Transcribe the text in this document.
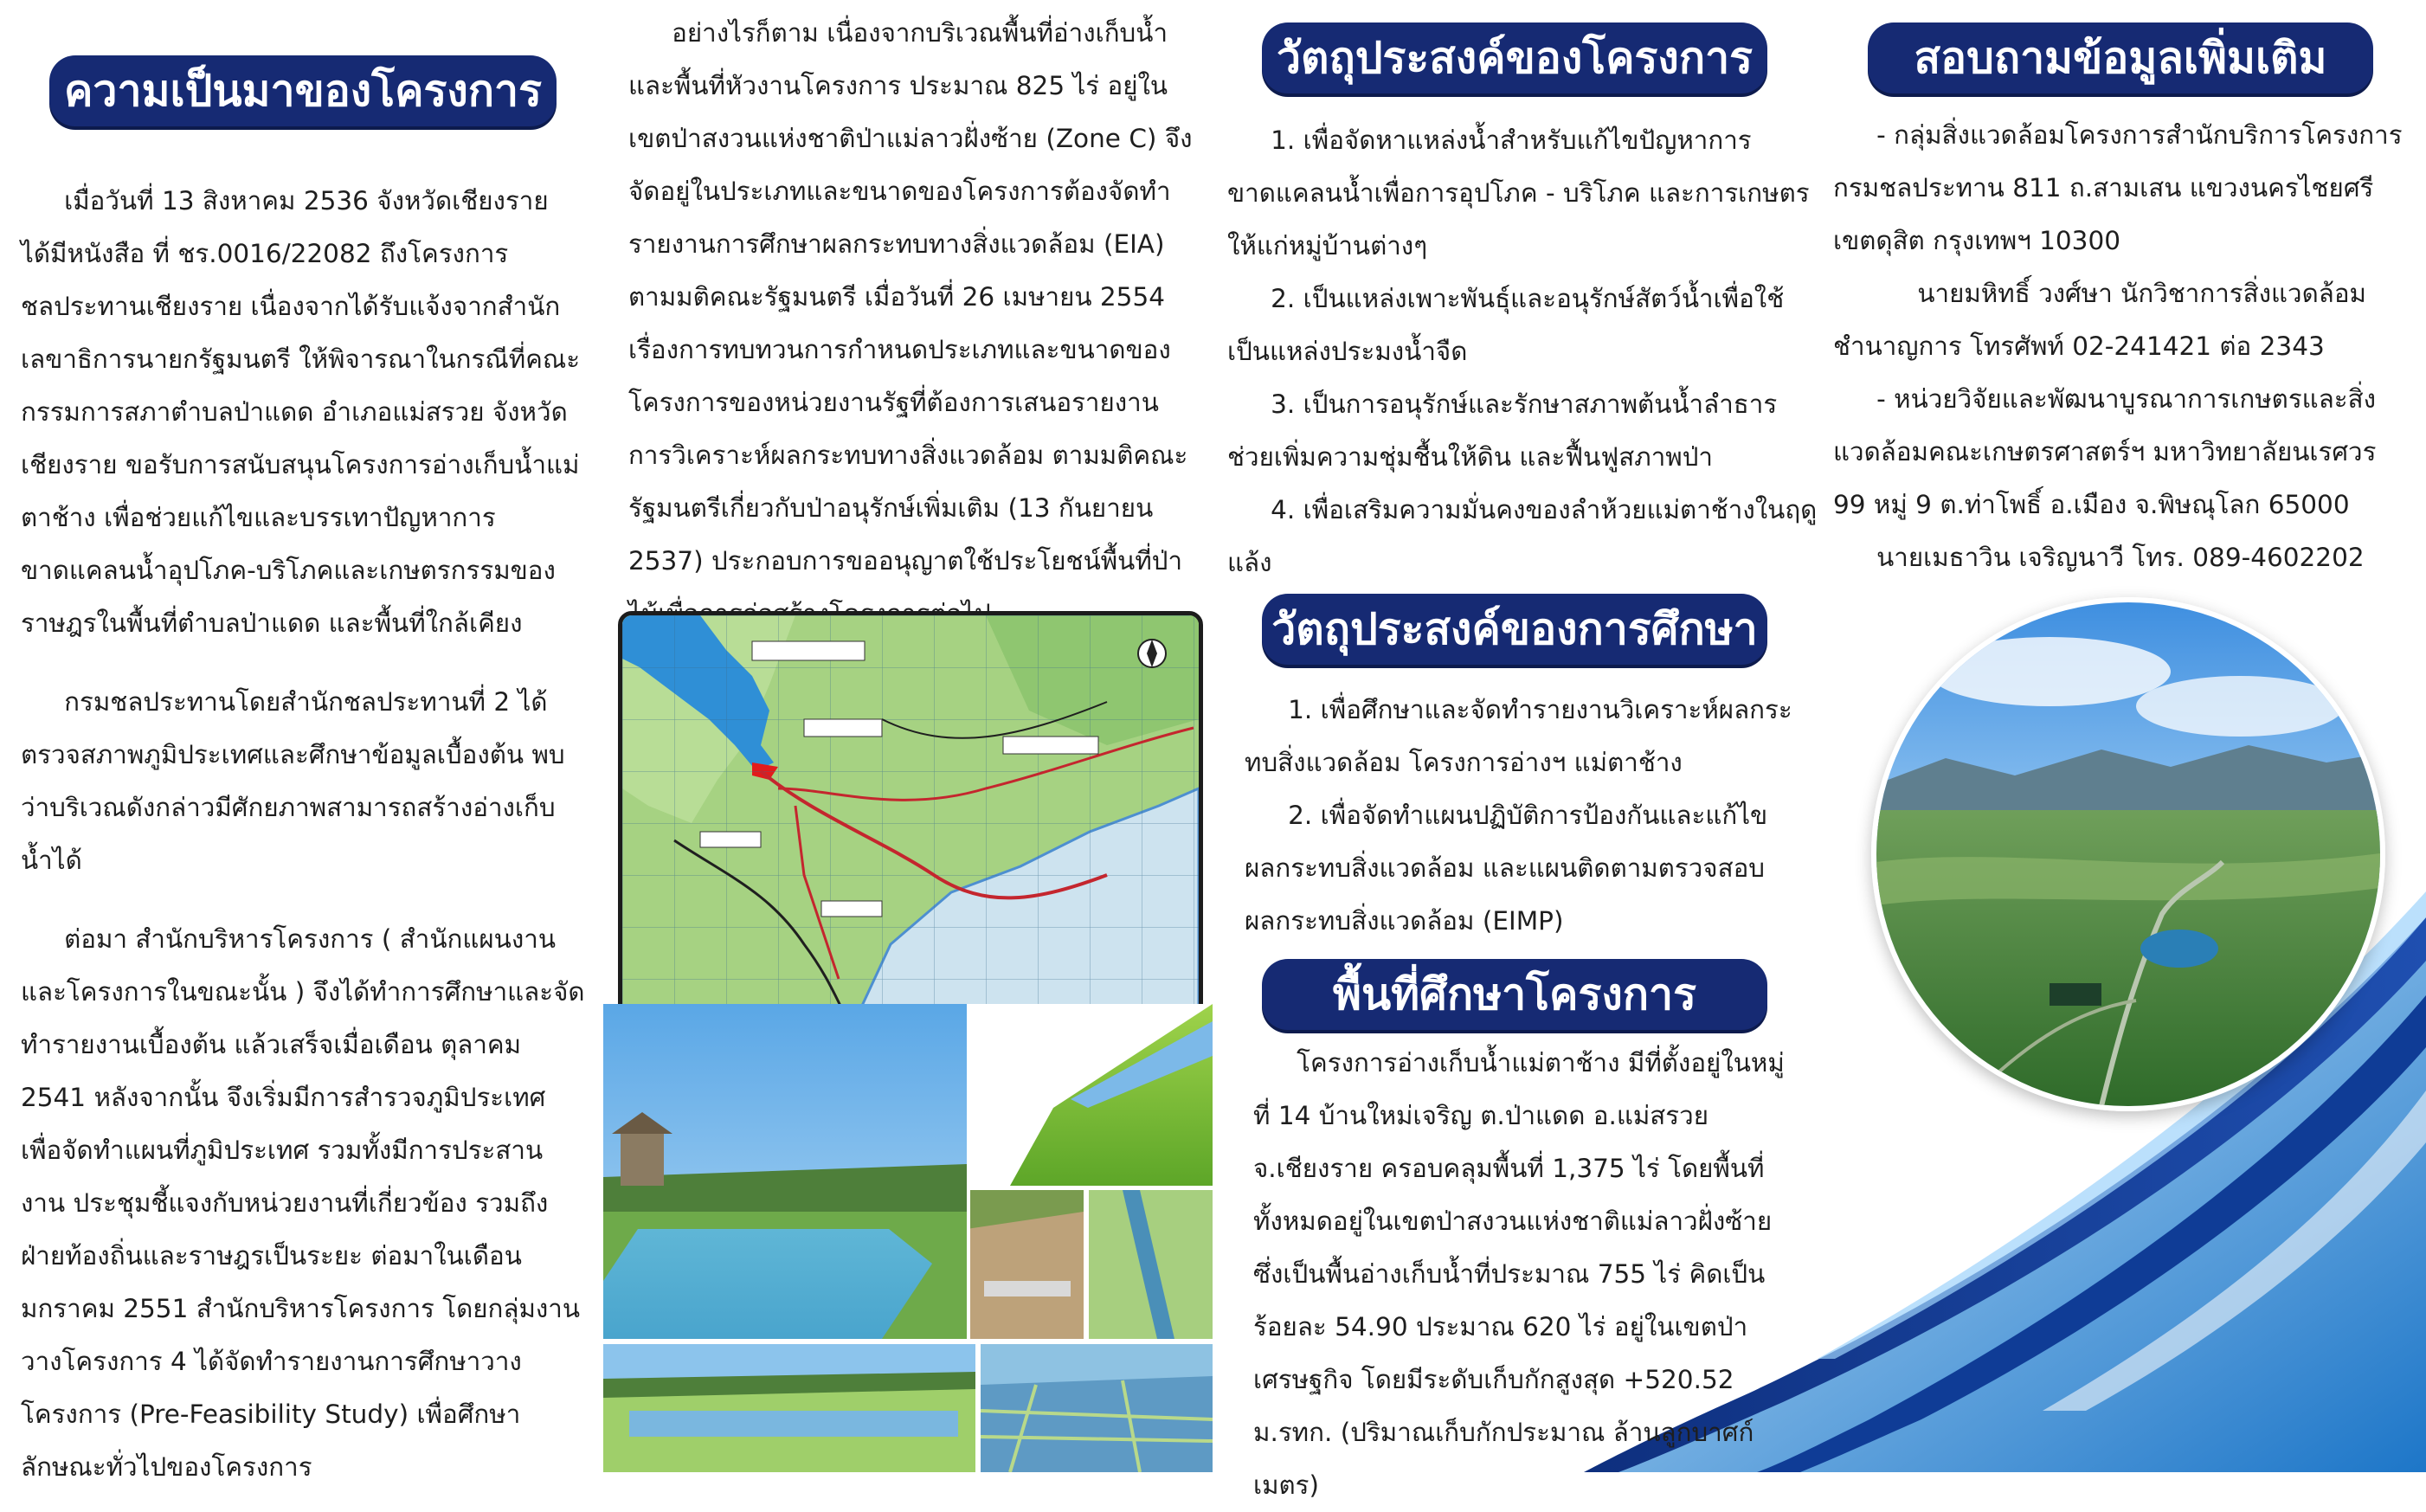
ความเป็นมาของโครงการ

เมื่อวันที่ 13 สิงหาคม 2536 จังหวัดเชียงราย ได้มีหนังสือ ที่ ชร.0016/22082 ถึงโครงการชลประทานเชียงราย เนื่องจากได้รับแจ้งจากสำนักเลขาธิการนายกรัฐมนตรี ให้พิจารณาในกรณีที่คณะกรรมการสภาตำบลป่าแดด อำเภอแม่สรวย จังหวัดเชียงราย ขอรับการสนับสนุนโครงการอ่างเก็บน้ำแม่ตาช้าง เพื่อช่วยแก้ไขและบรรเทาปัญหาการขาดแคลนน้ำอุปโภค-บริโภคและเกษตรกรรมของราษฎรในพื้นที่ตำบลป่าแดด และพื้นที่ใกล้เคียง

กรมชลประทานโดยสำนักชลประทานที่ 2 ได้ตรวจสภาพภูมิประเทศและศึกษาข้อมูลเบื้องต้น พบว่าบริเวณดังกล่าวมีศักยภาพสามารถสร้างอ่างเก็บน้ำได้

ต่อมา สำนักบริหารโครงการ ( สำนักแผนงานและโครงการในขณะนั้น ) จึงได้ทำการศึกษาและจัดทำรายงานเบื้องต้น แล้วเสร็จเมื่อเดือน ตุลาคม 2541 หลังจากนั้น จึงเริ่มมีการสำรวจภูมิประเทศ เพื่อจัดทำแผนที่ภูมิประเทศ รวมทั้งมีการประสานงาน ประชุมชี้แจงกับหน่วยงานที่เกี่ยวข้อง รวมถึงฝ่ายท้องถิ่นและราษฎรเป็นระยะ ต่อมาในเดือน มกราคม 2551 สำนักบริหารโครงการ โดยกลุ่มงานวางโครงการ 4 ได้จัดทำรายงานการศึกษาวางโครงการ (Pre-Feasibility Study) เพื่อศึกษาลักษณะทั่วไปของโครงการ

อย่างไรก็ตาม เนื่องจากบริเวณพื้นที่อ่างเก็บน้ำและพื้นที่หัวงานโครงการ ประมาณ 825 ไร่ อยู่ในเขตป่าสงวนแห่งชาติป่าแม่ลาวฝั่งซ้าย (Zone C) จึงจัดอยู่ในประเภทและขนาดของโครงการต้องจัดทำรายงานการศึกษาผลกระทบทางสิ่งแวดล้อม (EIA) ตามมติคณะรัฐมนตรี เมื่อวันที่ 26 เมษายน 2554 เรื่องการทบทวนการกำหนดประเภทและขนาดของโครงการของหน่วยงานรัฐที่ต้องการเสนอรายงานการวิเคราะห์ผลกระทบทางสิ่งแวดล้อม ตามมติคณะรัฐมนตรีเกี่ยวกับป่าอนุรักษ์เพิ่มเติม (13 กันยายน 2537) ประกอบการขออนุญาตใช้ประโยชน์พื้นที่ป่า

วัตถุประสงค์ของโครงการ

1. เพื่อจัดหาแหล่งน้ำสำหรับแก้ไขปัญหาการขาดแคลนน้ำเพื่อการอุปโภค - บริโภค และการเกษตรให้แก่หมู่บ้านต่างๆ

2. เป็นแหล่งเพาะพันธุ์และอนุรักษ์สัตว์น้ำเพื่อใช้เป็นแหล่งประมงน้ำจืด

3. เป็นการอนุรักษ์และรักษาสภาพต้นน้ำลำธาร ช่วยเพิ่มความชุ่มชื้นให้ดิน และฟื้นฟูสภาพป่า

4. เพื่อเสริมความมั่นคงของลำห้วยแม่ตาช้างในฤดูแล้ง

วัตถุประสงค์ของการศึกษา

1. เพื่อศึกษาและจัดทำรายงานวิเคราะห์ผลกระทบสิ่งแวดล้อม โครงการอ่างฯ แม่ตาช้าง

2. เพื่อจัดทำแผนปฏิบัติการป้องกันและแก้ไขผลกระทบสิ่งแวดล้อม และแผนติดตามตรวจสอบผลกระทบสิ่งแวดล้อม (EIMP)

พื้นที่ศึกษาโครงการ

โครงการอ่างเก็บน้ำแม่ตาช้าง มีที่ตั้งอยู่ในหมู่ที่ 14 บ้านใหม่เจริญ ต.ป่าแดด อ.แม่สรวย จ.เชียงราย ครอบคลุมพื้นที่ 1,375 ไร่ โดยพื้นที่ทั้งหมดอยู่ในเขตป่าสงวนแห่งชาติแม่ลาวฝั่งซ้าย ซึ่งเป็นพื้นอ่างเก็บน้ำที่ประมาณ 755 ไร่ คิดเป็นร้อยละ 54.90 ประมาณ 620 ไร่ อยู่ในเขตป่าเศรษฐกิจ โดยมีระดับเก็บกักสูงสุด +520.52 ม.รทก. (ปริมาณเก็บกักประมาณ ล้านลูกบาศก์เมตร)

สอบถามข้อมูลเพิ่มเติม

- กลุ่มสิ่งแวดล้อมโครงการสำนักบริการโครงการ กรมชลประทาน 811 ถ.สามเสน แขวงนครไชยศรี เขตดุสิต กรุงเทพฯ 10300

นายมหิทธิ์ วงศ์ษา นักวิชาการสิ่งแวดล้อมชำนาญการ โทรศัพท์ 02-241421 ต่อ 2343

- หน่วยวิจัยและพัฒนาบูรณาการเกษตรและสิ่งแวดล้อมคณะเกษตรศาสตร์ฯ มหาวิทยาลัยนเรศวร 99 หมู่ 9 ต.ท่าโพธิ์ อ.เมือง จ.พิษณุโลก 65000

นายเมธาวิน เจริญนาวี โทร. 089-4602202
